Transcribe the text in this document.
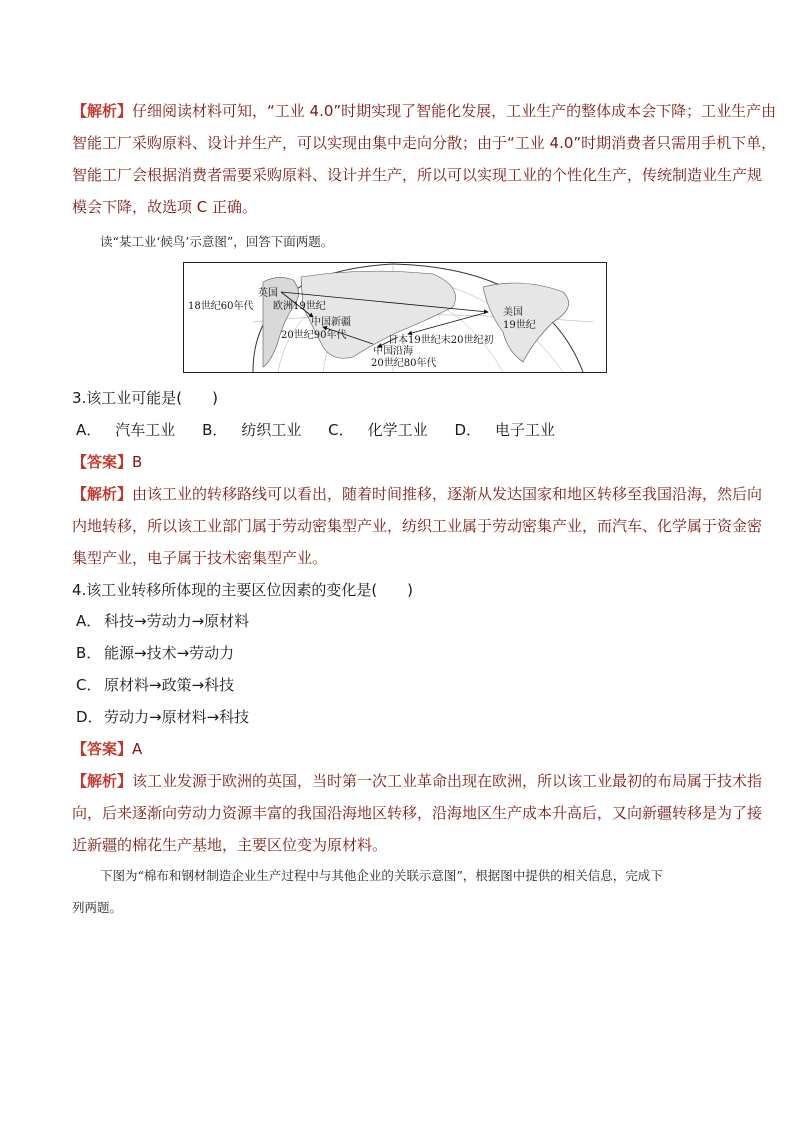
【解析】仔细阅读材料可知，“工业 4.0”时期实现了智能化发展，工业生产的整体成本会下降；工业生产由
智能工厂采购原料、设计并生产，可以实现由集中走向分散；由于“工业 4.0”时期消费者只需用手机下单，
智能工厂会根据消费者需要采购原料、设计并生产，所以可以实现工业的个性化生产，传统制造业生产规
模会下降，故选项 C 正确。
读“某工业‘候鸟’示意图”，回答下面两题。
英国
18世纪60年代 欧洲19世纪
中国新疆
20世纪90年代	日本19世纪末20世纪初
中国沿海
20世纪80年代
美国
19世纪
3.该工业可能是(　　)
A． 汽车工业 B． 纺织工业 C． 化学工业 D． 电子工业
【答案】B
【解析】由该工业的转移路线可以看出，随着时间推移，逐渐从发达国家和地区转移至我国沿海，然后向
内地转移，所以该工业部门属于劳动密集型产业，纺织工业属于劳动密集产业，而汽车、化学属于资金密
集型产业，电子属于技术密集型产业。
4.该工业转移所体现的主要区位因素的变化是(　　)
A． 科技→劳动力→原材料
B． 能源→技术→劳动力
C． 原材料→政策→科技
D．劳动力→原材料→科技
【答案】A
【解析】该工业发源于欧洲的英国，当时第一次工业革命出现在欧洲，所以该工业最初的布局属于技术指
向，后来逐渐向劳动力资源丰富的我国沿海地区转移，沿海地区生产成本升高后，又向新疆转移是为了接
近新疆的棉花生产基地，主要区位变为原材料。
下图为“棉布和钢材制造企业生产过程中与其他企业的关联示意图”，根据图中提供的相关信息，完成下
列两题。
